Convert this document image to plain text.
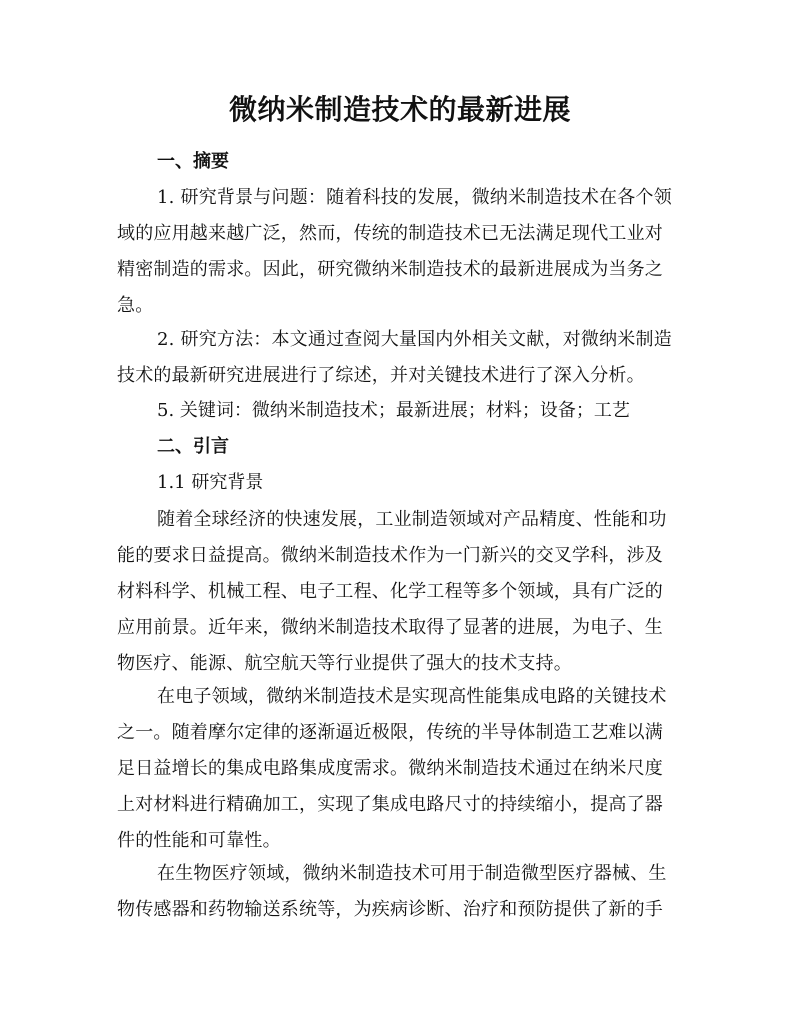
微纳米制造技术的最新进展
一、摘要
1. 研究背景与问题：随着科技的发展，微纳米制造技术在各个领
域的应用越来越广泛，然而，传统的制造技术已无法满足现代工业对
精密制造的需求。因此，研究微纳米制造技术的最新进展成为当务之
急。
2. 研究方法：本文通过查阅大量国内外相关文献，对微纳米制造
技术的最新研究进展进行了综述，并对关键技术进行了深入分析。
5. 关键词：微纳米制造技术；最新进展；材料；设备；工艺
二、引言
1.1 研究背景
随着全球经济的快速发展，工业制造领域对产品精度、性能和功
能的要求日益提高。微纳米制造技术作为一门新兴的交叉学科，涉及
材料科学、机械工程、电子工程、化学工程等多个领域，具有广泛的
应用前景。近年来，微纳米制造技术取得了显著的进展，为电子、生
物医疗、能源、航空航天等行业提供了强大的技术支持。
在电子领域，微纳米制造技术是实现高性能集成电路的关键技术
之一。随着摩尔定律的逐渐逼近极限，传统的半导体制造工艺难以满
足日益增长的集成电路集成度需求。微纳米制造技术通过在纳米尺度
上对材料进行精确加工，实现了集成电路尺寸的持续缩小，提高了器
件的性能和可靠性。
在生物医疗领域，微纳米制造技术可用于制造微型医疗器械、生
物传感器和药物输送系统等，为疾病诊断、治疗和预防提供了新的手
